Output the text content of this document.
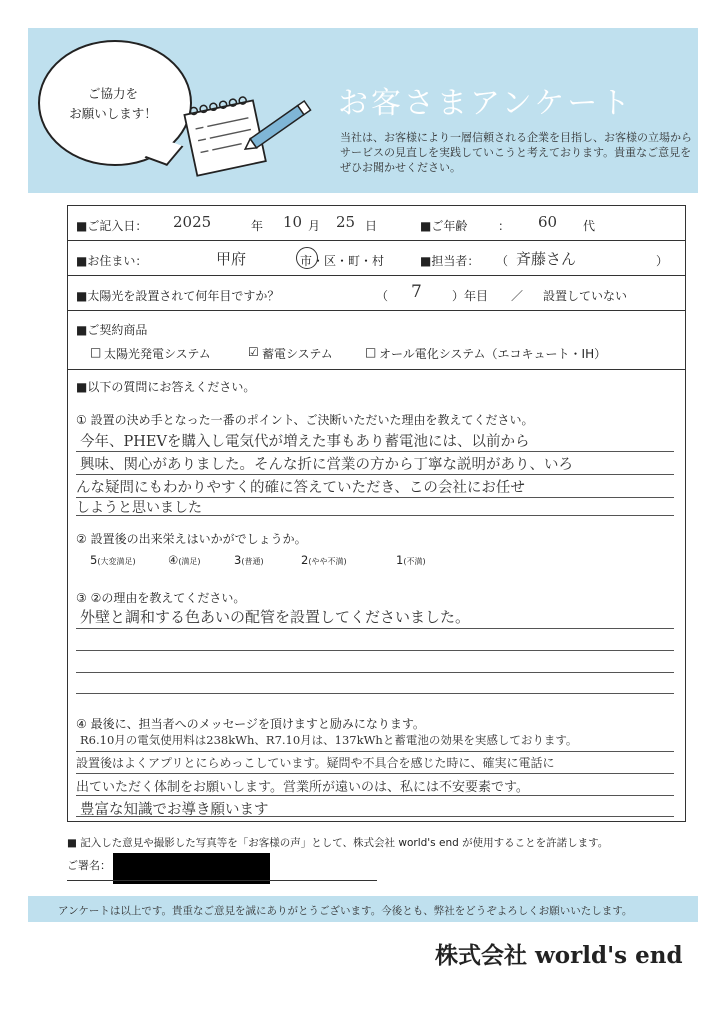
ご協力を
お願いします！	お客さまアンケート
当社は、お客様により一層信頼される企業を目指し、お客様の立場からサービスの見直しを実践していこうと考えております。貴重なご意見をぜひお聞かせください。
■ご記入日： 2025	年 10 月 25 日	■ご年齢	： 60 代
■お住まい：	甲府	市・区・町・村	■担当者： （ 斉藤さん	）
■太陽光を設置されて何年目ですか？	（ 7	）年目 ／ 設置していない
■ご契約商品
□ 太陽光発電システム	☑ 蓄電システム	□ オール電化システム（エコキュート・IH）
■以下の質問にお答えください。
① 設置の決め手となった一番のポイント、ご決断いただいた理由を教えてください。
今年、PHEVを購入し電気代が増えた事もあり蓄電池には、以前から
興味、関心がありました。そんな折に営業の方から丁寧な説明があり、いろ
んな疑問にもわかりやすく的確に答えていただき、この会社にお任せ
しようと思いました
② 設置後の出来栄えはいかがでしょうか。
5(大変満足)	④(満足)	3(普通)	2(やや不満)	1(不満)
③ ②の理由を教えてください。
外壁と調和する色あいの配管を設置してくださいました。
④ 最後に、担当者へのメッセージを頂けますと励みになります。
R6.10月の電気使用料は238kWh、R7.10月は、137kWhと蓄電池の効果を実感しております。
設置後はよくアプリとにらめっこしています。疑問や不具合を感じた時に、確実に電話に
出ていただく体制をお願いします。営業所が遠いのは、私には不安要素です。
豊富な知識でお導き願います
■ 記入した意見や撮影した写真等を「お客様の声」として、株式会社 world's end が使用することを許諾します。
ご署名：
アンケートは以上です。貴重なご意見を誠にありがとうございます。今後とも、弊社をどうぞよろしくお願いいたします。
株式会社 world's end
